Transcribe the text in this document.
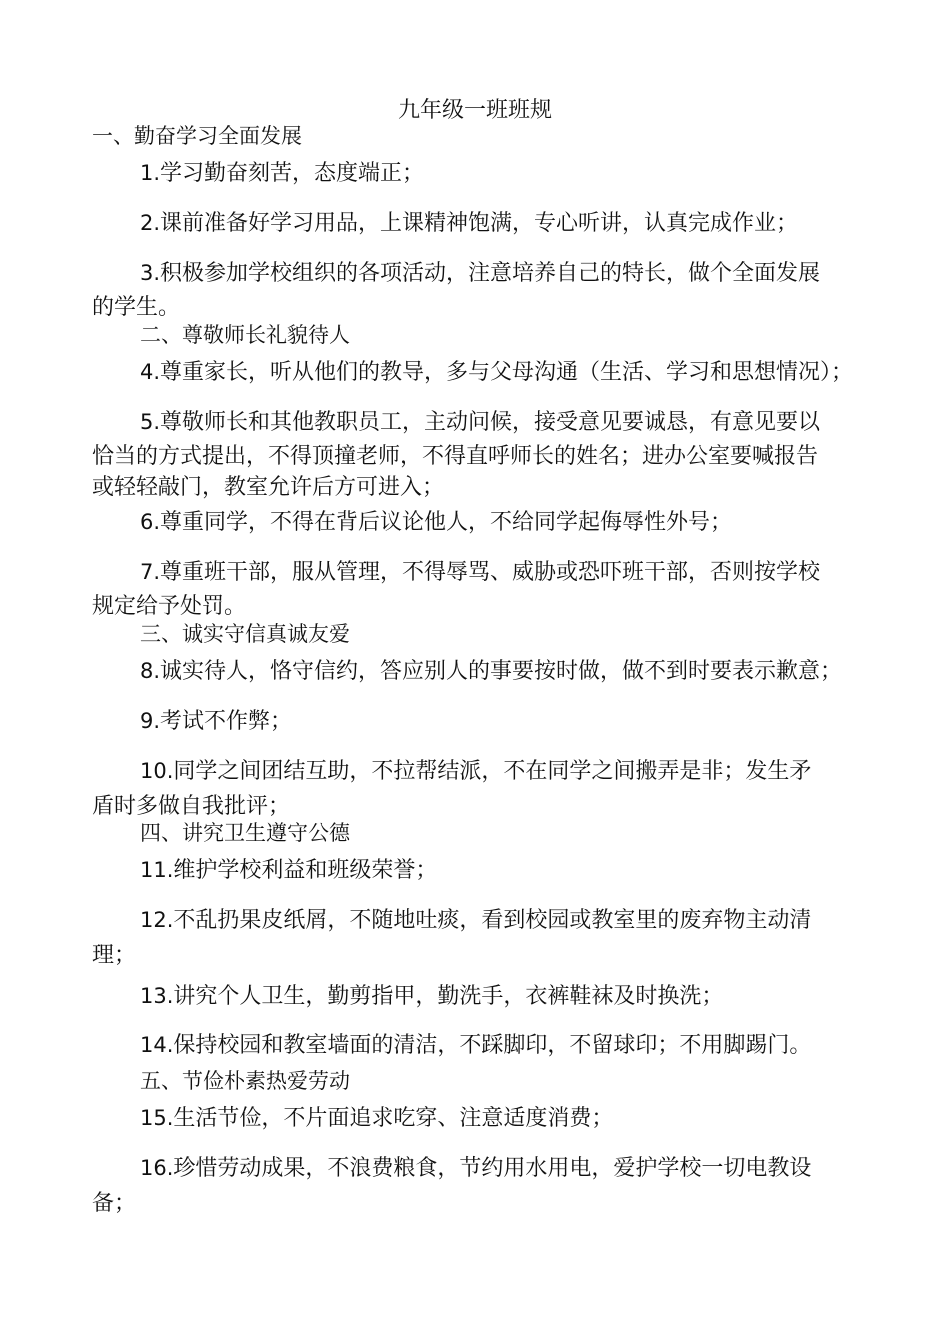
九年级一班班规
一、勤奋学习全面发展
1.学习勤奋刻苦，态度端正；
2.课前准备好学习用品，上课精神饱满，专心听讲，认真完成作业；
3.积极参加学校组织的各项活动，注意培养自己的特长，做个全面发展
的学生。
二、尊敬师长礼貌待人
4.尊重家长，听从他们的教导，多与父母沟通（生活、学习和思想情况）；
5.尊敬师长和其他教职员工，主动问候，接受意见要诚恳，有意见要以
恰当的方式提出，不得顶撞老师，不得直呼师长的姓名；进办公室要喊报告
或轻轻敲门，教室允许后方可进入；
6.尊重同学，不得在背后议论他人，不给同学起侮辱性外号；
7.尊重班干部，服从管理，不得辱骂、威胁或恐吓班干部，否则按学校
规定给予处罚。
三、诚实守信真诚友爱
8.诚实待人，恪守信约，答应别人的事要按时做，做不到时要表示歉意；
9.考试不作弊；
10.同学之间团结互助，不拉帮结派，不在同学之间搬弄是非；发生矛
盾时多做自我批评；
四、讲究卫生遵守公德
11.维护学校利益和班级荣誉；
12.不乱扔果皮纸屑，不随地吐痰，看到校园或教室里的废弃物主动清
理；
13.讲究个人卫生，勤剪指甲，勤洗手，衣裤鞋袜及时换洗；
14.保持校园和教室墙面的清洁，不踩脚印，不留球印；不用脚踢门。
五、节俭朴素热爱劳动
15.生活节俭，不片面追求吃穿、注意适度消费；
16.珍惜劳动成果，不浪费粮食，节约用水用电，爱护学校一切电教设
备；
